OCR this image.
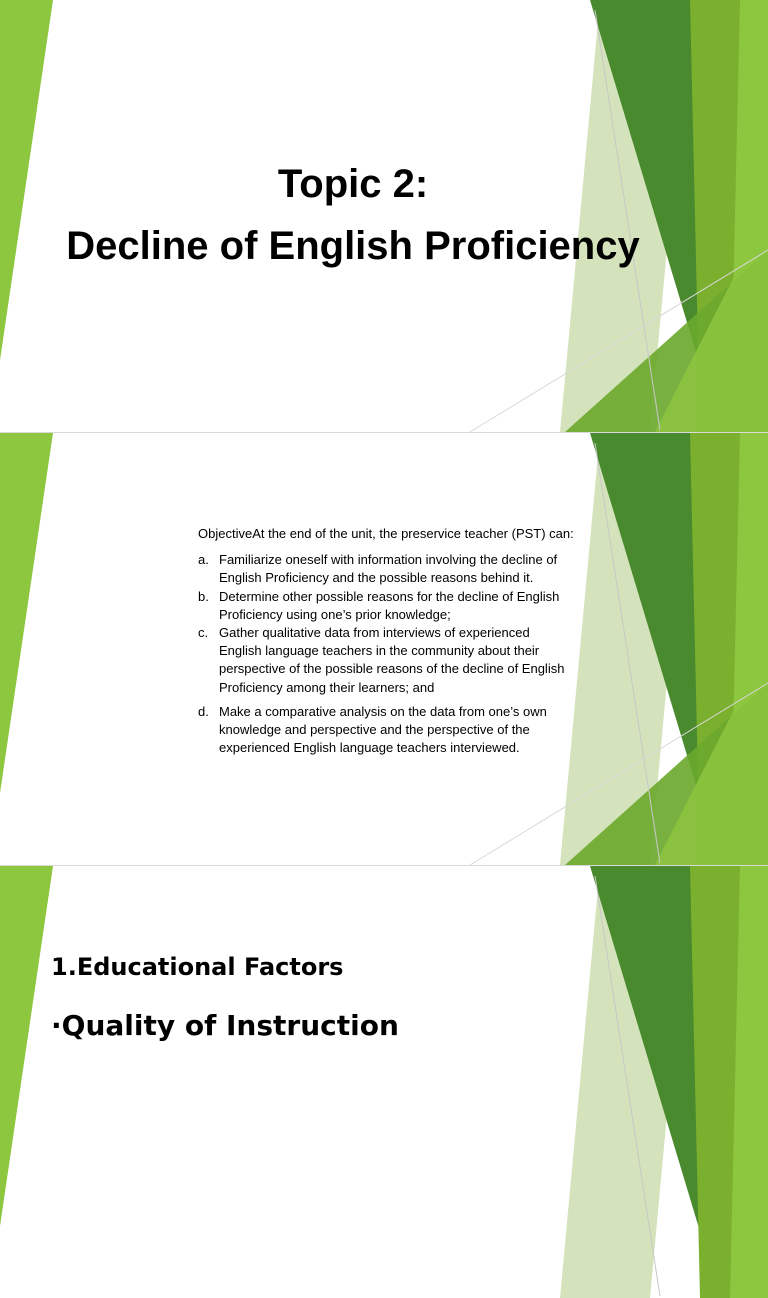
Topic 2:
Decline of English Proficiency

ObjectiveAt the end of the unit, the preservice teacher (PST) can:

a. Familiarize oneself with information involving the decline of English Proficiency and the possible reasons behind it.
b. Determine other possible reasons for the decline of English Proficiency using one’s prior knowledge;
c. Gather qualitative data from interviews of experienced English language teachers in the community about their perspective of the possible reasons of the decline of English Proficiency among their learners; and
d. Make a comparative analysis on the data from one’s own knowledge and perspective and the perspective of the experienced English language teachers interviewed.
1.Educational Factors
·Quality of Instruction
